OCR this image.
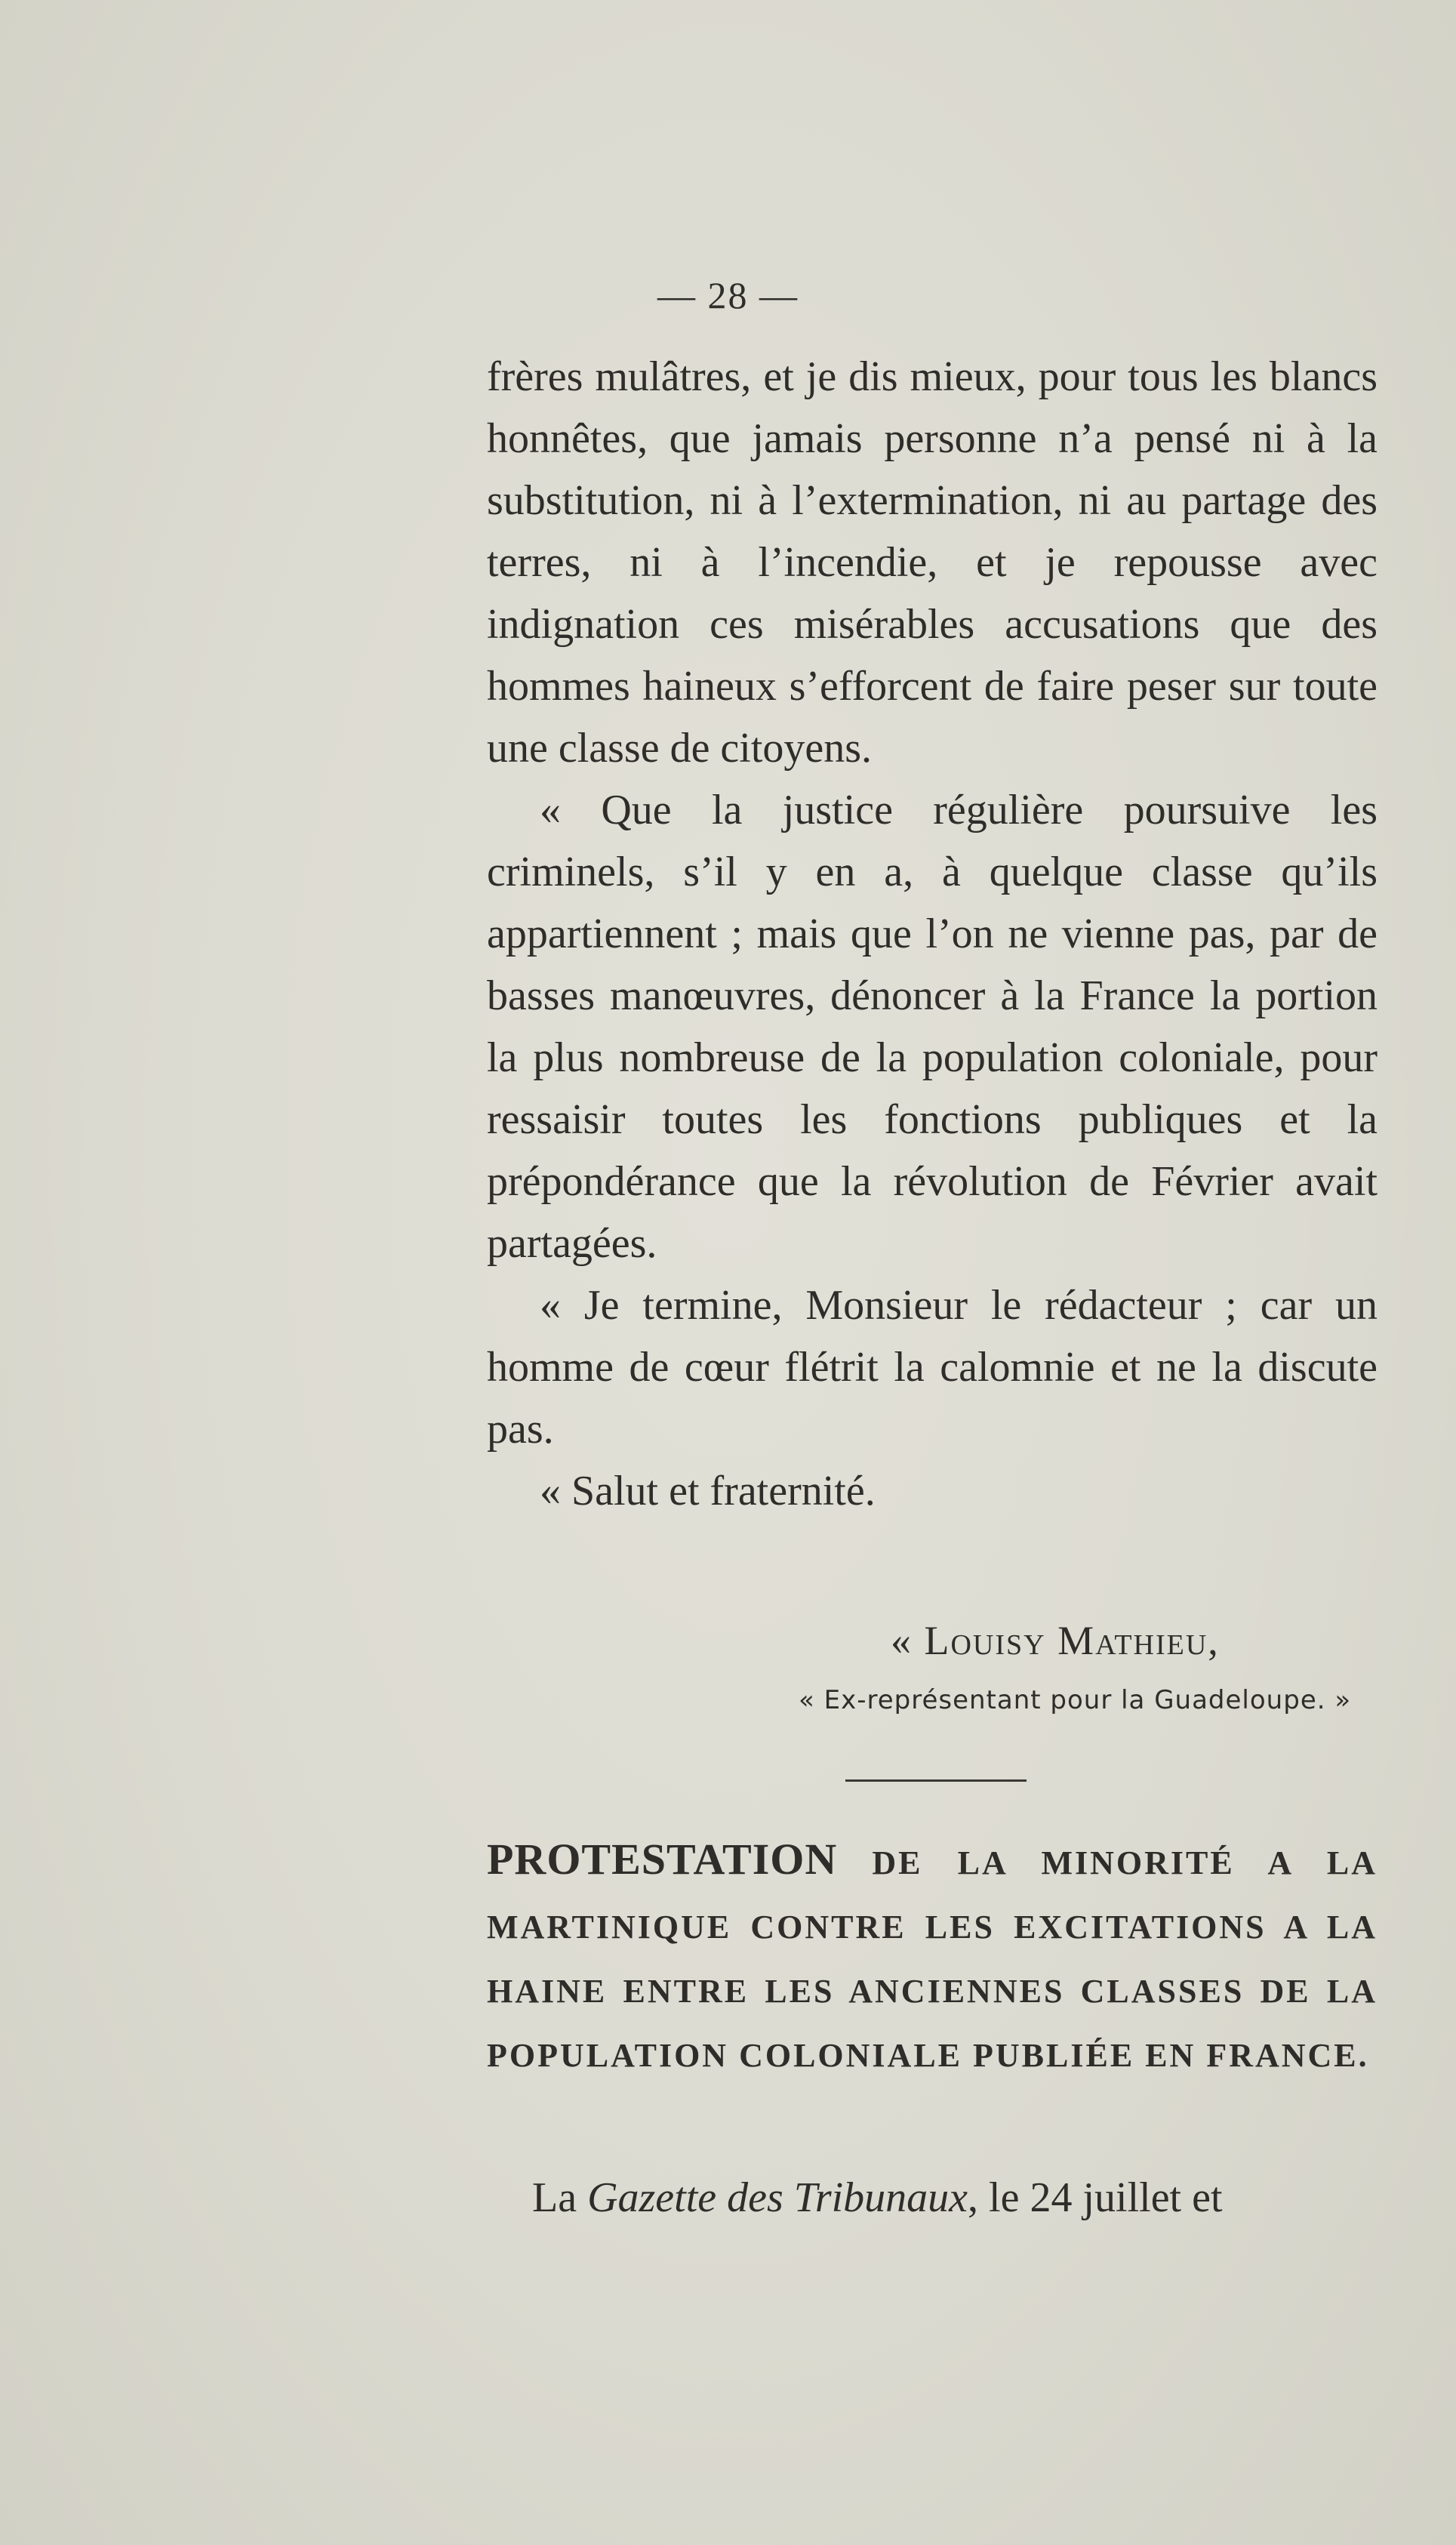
— 28 —

frères mulâtres, et je dis mieux, pour tous les blancs honnêtes, que jamais personne n’a pensé ni à la substitution, ni à l’extermination, ni au partage des terres, ni à l’incendie, et je repousse avec indignation ces misérables accusations que des hommes haineux s’efforcent de faire peser sur toute une classe de citoyens.

« Que la justice régulière poursuive les criminels, s’il y en a, à quelque classe qu’ils appartiennent ; mais que l’on ne vienne pas, par de basses manœuvres, dénoncer à la France la portion la plus nombreuse de la population coloniale, pour ressaisir toutes les fonctions publiques et la prépondérance que la révolution de Février avait partagées.

« Je termine, Monsieur le rédacteur ; car un homme de cœur flétrit la calomnie et ne la discute pas.

« Salut et fraternité.

« Louisy Mathieu,
« Ex-représentant pour la Guadeloupe. »
PROTESTATION DE LA MINORITÉ A LA MARTINIQUE CONTRE LES EXCITATIONS A LA HAINE ENTRE LES ANCIENNES CLASSES DE LA POPULATION COLONIALE PUBLIÉE EN FRANCE.
La Gazette des Tribunaux, le 24 juillet et
